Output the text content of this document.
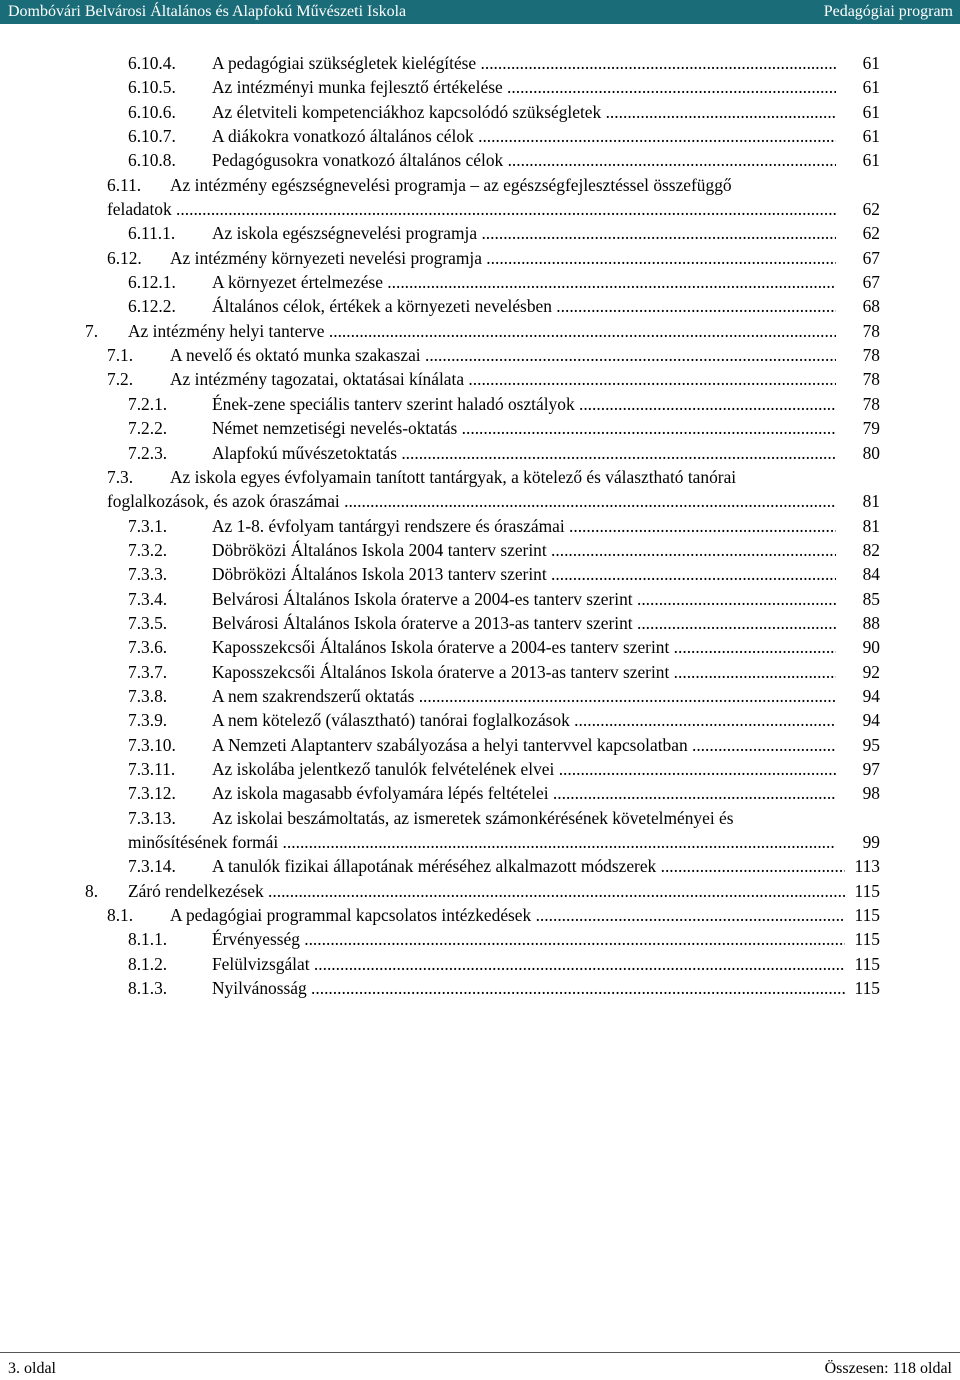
Dombóvári Belvárosi Általános és Alapfokú Művészeti Iskola	Pedagógiai program
6.10.4. A pedagógiai szükségletek kielégítése .....	61
6.10.5. Az intézményi munka fejlesztő értékelése .....	61
6.10.6. Az életviteli kompetenciákhoz kapcsolódó szükségletek .....	61
6.10.7. A diákokra vonatkozó általános célok .....	61
6.10.8. Pedagógusokra vonatkozó általános célok .....	61
6.11. Az intézmény egészségnevelési programja – az egészségfejlesztéssel összefüggő
feladatok .....	62
6.11.1. Az iskola egészségnevelési programja .....	62
6.12. Az intézmény környezeti nevelési programja .....	67
6.12.1. A környezet értelmezése .....	67
6.12.2. Általános célok, értékek a környezeti nevelésben .....	68
7. Az intézmény helyi tanterve .....	78
7.1. A nevelő és oktató munka szakaszai .....	78
7.2. Az intézmény tagozatai, oktatásai kínálata .....	78
7.2.1.	Ének-zene speciális tanterv szerint haladó osztályok .....	78
7.2.2.	Német nemzetiségi nevelés-oktatás .....	79
7.2.3.	Alapfokú művészetoktatás .....	80
7.3. Az iskola egyes évfolyamain tanított tantárgyak, a kötelező és választható tanórai
foglalkozások, és azok óraszámai .....	81
7.3.1.	Az 1-8. évfolyam tantárgyi rendszere és óraszámai .....	81
7.3.2.	Döbröközi Általános Iskola 2004 tanterv szerint .....	82
7.3.3.	Döbröközi Általános Iskola 2013 tanterv szerint .....	84
7.3.4.	Belvárosi Általános Iskola óraterve a 2004-es tanterv szerint .....	85
7.3.5.	Belvárosi Általános Iskola óraterve a 2013-as tanterv szerint .....	88
7.3.6.	Kaposszekcsői Általános Iskola óraterve a 2004-es tanterv szerint .....	90
7.3.7.	Kaposszekcsői Általános Iskola óraterve a 2013-as tanterv szerint .....	92
7.3.8.	A nem szakrendszerű oktatás .....	94
7.3.9.	A nem kötelező (választható) tanórai foglalkozások .....	94
7.3.10. A Nemzeti Alaptanterv szabályozása a helyi tantervvel kapcsolatban .....	95
7.3.11. Az iskolába jelentkező tanulók felvételének elvei .....	97
7.3.12. Az iskola magasabb évfolyamára lépés feltételei .....	98
7.3.13. Az iskolai beszámoltatás, az ismeretek számonkérésének követelményei és
minősítésének formái .....	99
7.3.14. A tanulók fizikai állapotának méréséhez alkalmazott módszerek .....	113
8. Záró rendelkezések .....	115
8.1. A pedagógiai programmal kapcsolatos intézkedések .....	115
8.1.1.	Érvényesség .....	115
8.1.2.	Felülvizsgálat .....	115
8.1.3.	Nyilvánosság .....	115
3. oldal	Összesen: 118 oldal
